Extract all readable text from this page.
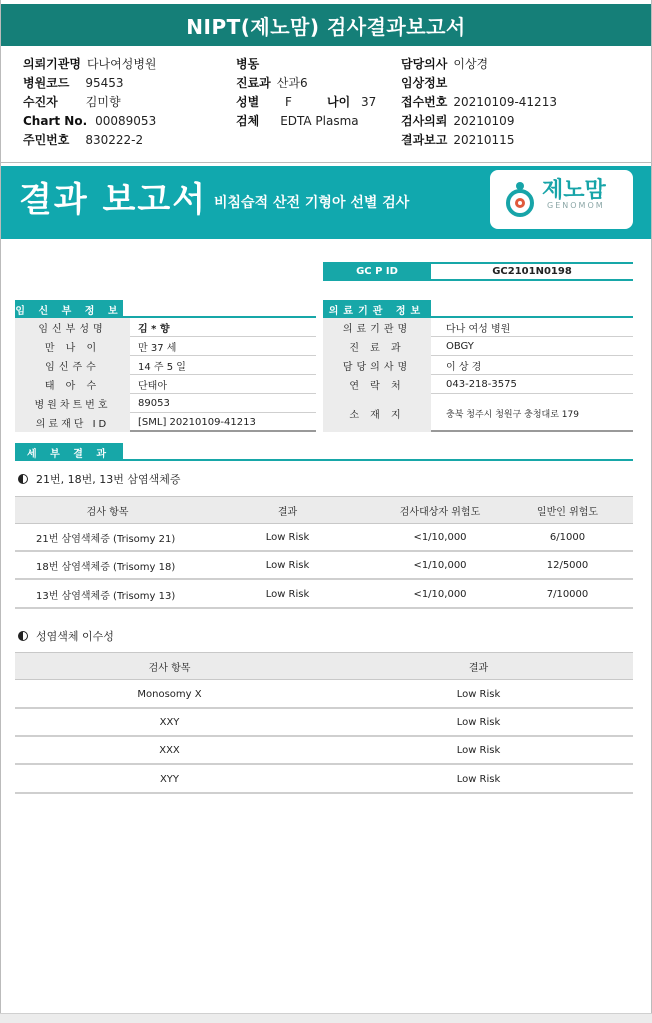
NIPT(제노맘) 검사결과보고서
의뢰기관명 다나여성병원
병원코드 95453
수진자 김미향
Chart No. 00089053
주민번호 830222-2
병동
진료과 산과6
성별 F	나이 37
검체 EDTA Plasma
담당의사 이상경
임상정보
접수번호 20210109-41213
검사의뢰 20210109
결과보고 20210115
결과 보고서 비침습적 산전 기형아 선별 검사	제노맘
GENOMOM
GC P ID	GC2101N0198
임 신 부 정 보
임신부성명	김 * 향
만 나 이	만 37 세
임신주수	14 주 5 일
태 아 수	단태아
병원차트번호	89053
의료재단 ID	[SML] 20210109-41213
의료기관 정보
의료기관명	다나 여성 병원
진 료 과	OBGY
담당의사명	이 상 경
연 락 처	043-218-3575
소 재 지	충북 청주시 청원구 충청대로 179
세 부 결 과
21번, 18번, 13번 삼염색체증
검사 항목	결과	검사대상자 위험도	일반인 위험도
21번 삼염색체증 (Trisomy 21)	Low Risk	<1/10,000	6/1000
18번 삼염색체증 (Trisomy 18)	Low Risk	<1/10,000	12/5000
13번 삼염색체증 (Trisomy 13)	Low Risk	<1/10,000	7/10000
성염색체 이수성
검사 항목	결과
Monosomy X	Low Risk
XXY	Low Risk
XXX	Low Risk
XYY	Low Risk
